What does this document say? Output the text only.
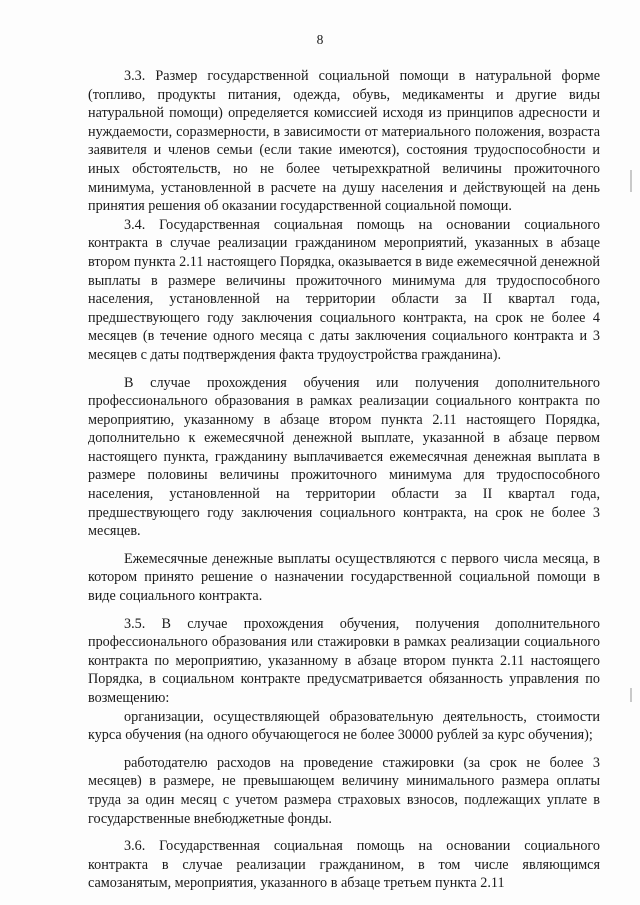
8

3.3. Размер государственной социальной помощи в натуральной форме (топливо, продукты питания, одежда, обувь, медикаменты и другие виды натуральной помощи) определяется комиссией исходя из принципов адресности и нуждаемости, соразмерности, в зависимости от материального положения, возраста заявителя и членов семьи (если такие имеются), состояния трудоспособности и иных обстоятельств, но не более четырехкратной величины прожиточного минимума, установленной в расчете на душу населения и действующей на день принятия решения об оказании государственной социальной помощи.

3.4. Государственная социальная помощь на основании социального контракта в случае реализации гражданином мероприятий, указанных в абзаце втором пункта 2.11 настоящего Порядка, оказывается в виде ежемесячной денежной выплаты в размере величины прожиточного минимума для трудоспособного населения, установленной на территории области за II квартал года, предшествующего году заключения социального контракта, на срок не более 4 месяцев (в течение одного месяца с даты заключения социального контракта и 3 месяцев с даты подтверждения факта трудоустройства гражданина).

В случае прохождения обучения или получения дополнительного профессионального образования в рамках реализации социального контракта по мероприятию, указанному в абзаце втором пункта 2.11 настоящего Порядка, дополнительно к ежемесячной денежной выплате, указанной в абзаце первом настоящего пункта, гражданину выплачивается ежемесячная денежная выплата в размере половины величины прожиточного минимума для трудоспособного населения, установленной на территории области за II квартал года, предшествующего году заключения социального контракта, на срок не более 3 месяцев.

Ежемесячные денежные выплаты осуществляются с первого числа месяца, в котором принято решение о назначении государственной социальной помощи в виде социального контракта.

3.5. В случае прохождения обучения, получения дополнительного профессионального образования или стажировки в рамках реализации социального контракта по мероприятию, указанному в абзаце втором пункта 2.11 настоящего Порядка, в социальном контракте предусматривается обязанность управления по возмещению:

организации, осуществляющей образовательную деятельность, стоимости курса обучения (на одного обучающегося не более 30000 рублей за курс обучения);

работодателю расходов на проведение стажировки (за срок не более 3 месяцев) в размере, не превышающем величину минимального размера оплаты труда за один месяц с учетом размера страховых взносов, подлежащих уплате в государственные внебюджетные фонды.

3.6. Государственная социальная помощь на основании социального контракта в случае реализации гражданином, в том числе являющимся самозанятым, мероприятия, указанного в абзаце третьем пункта 2.11
